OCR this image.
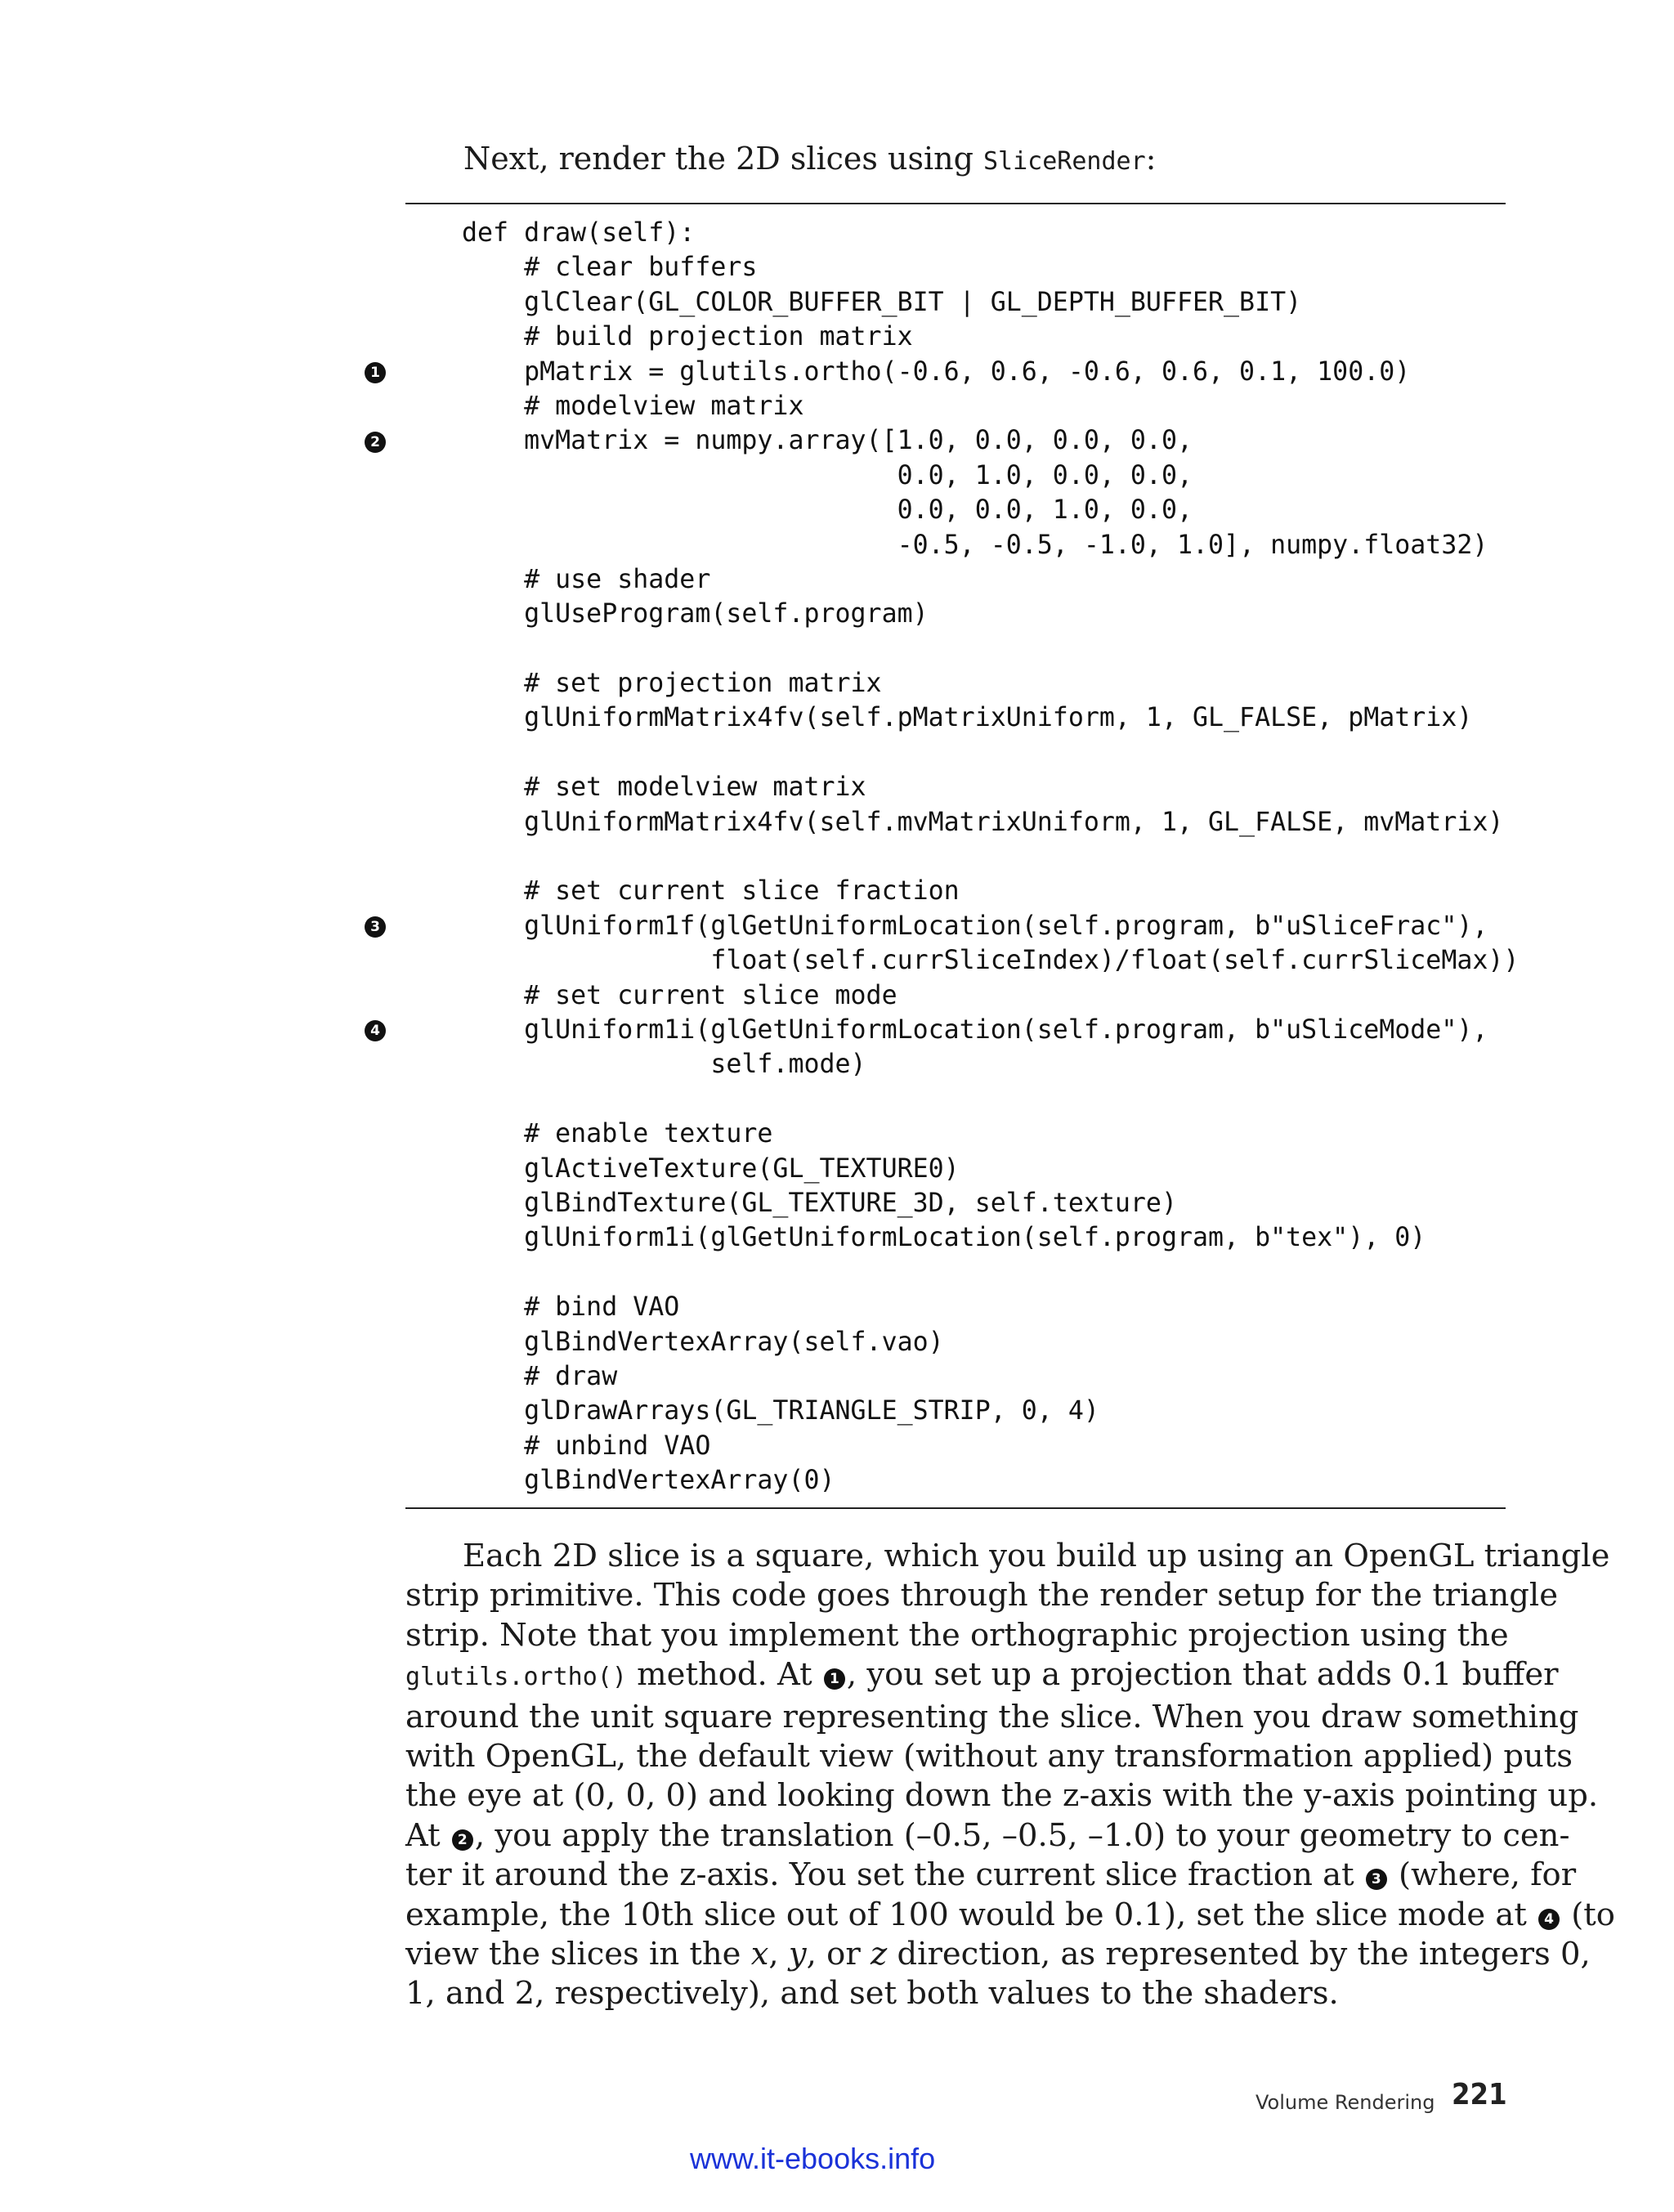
Next, render the 2D slices using SliceRender:

def draw(self):
# clear buffers
glClear(GL_COLOR_BUFFER_BIT | GL_DEPTH_BUFFER_BIT)
# build projection matrix
pMatrix = glutils.ortho(-0.6, 0.6, -0.6, 0.6, 0.1, 100.0)
# modelview matrix
mvMatrix = numpy.array([1.0, 0.0, 0.0, 0.0,
0.0, 1.0, 0.0, 0.0,
0.0, 0.0, 1.0, 0.0,
-0.5, -0.5, -1.0, 1.0], numpy.float32)
# use shader
glUseProgram(self.program)
# set projection matrix
glUniformMatrix4fv(self.pMatrixUniform, 1, GL_FALSE, pMatrix)
# set modelview matrix
glUniformMatrix4fv(self.mvMatrixUniform, 1, GL_FALSE, mvMatrix)
# set current slice fraction
glUniform1f(glGetUniformLocation(self.program, b"uSliceFrac"),
float(self.currSliceIndex)/float(self.currSliceMax))
# set current slice mode
glUniform1i(glGetUniformLocation(self.program, b"uSliceMode"),
self.mode)
# enable texture
glActiveTexture(GL_TEXTURE0)
glBindTexture(GL_TEXTURE_3D, self.texture)
glUniform1i(glGetUniformLocation(self.program, b"tex"), 0)
# bind VAO
glBindVertexArray(self.vao)
# draw
glDrawArrays(GL_TRIANGLE_STRIP, 0, 4)
# unbind VAO
glBindVertexArray(0)
1
2
3
4
Each 2D slice is a square, which you build up using an OpenGL triangle
strip primitive. This code goes through the render setup for the triangle
strip. Note that you implement the orthographic projection using the
glutils.ortho() method. At 1 , you set up a projection that adds 0.1 buffer
around the unit square representing the slice. When you draw something
with OpenGL, the default view (without any transformation applied) puts
the eye at (0, 0, 0) and looking down the z-axis with the y-axis pointing up.
At 2 , you apply the translation (–0.5, –0.5, –1.0) to your geometry to cen-
ter it around the z-axis. You set the current slice fraction at 3 (where, for
example, the 10th slice out of 100 would be 0.1), set the slice mode at 4 (to
view the slices in the x, y, or z direction, as represented by the integers 0,
1, and 2, respectively), and set both values to the shaders.
Volume Rendering 221
www.it-ebooks.info
